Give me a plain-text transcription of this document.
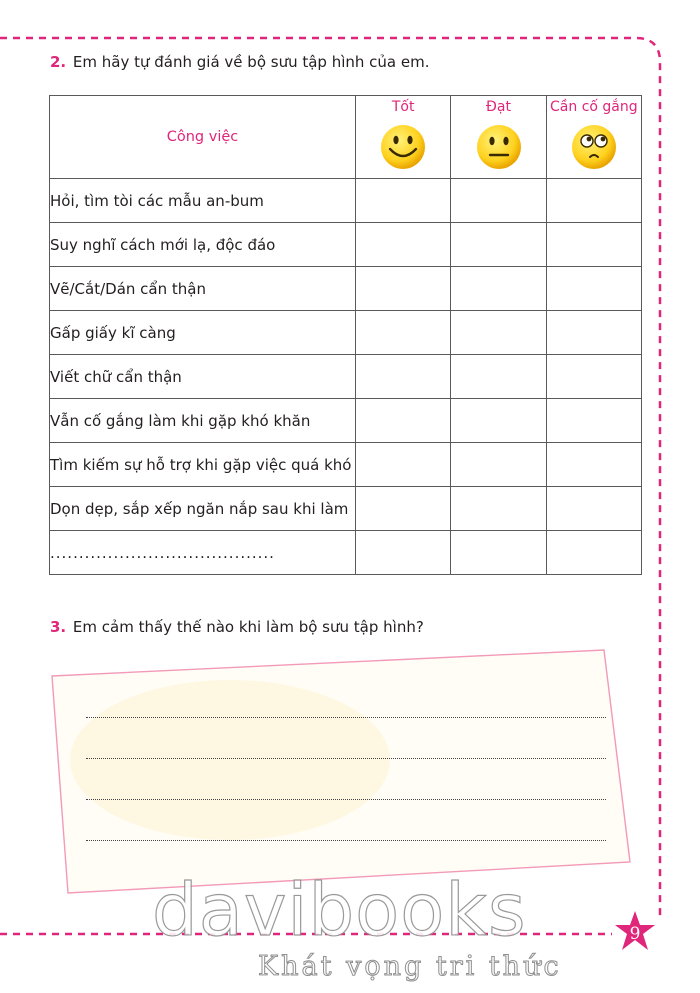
9
2. Em hãy tự đánh giá về bộ sưu tập hình của em.
Công việc	Tốt	Đạt	Cần cố gắng

Hỏi, tìm tòi các mẫu an-bum			
Suy nghĩ cách mới lạ, độc đáo			
Vẽ/Cắt/Dán cẩn thận			
Gấp giấy kĩ càng			
Viết chữ cẩn thận			
Vẫn cố gắng làm khi gặp khó khăn			
Tìm kiếm sự hỗ trợ khi gặp việc quá khó			
Dọn dẹp, sắp xếp ngăn nắp sau khi làm			
.......................................			
3. Em cảm thấy thế nào khi làm bộ sưu tập hình?
davibooks
Khát vọng tri thức
